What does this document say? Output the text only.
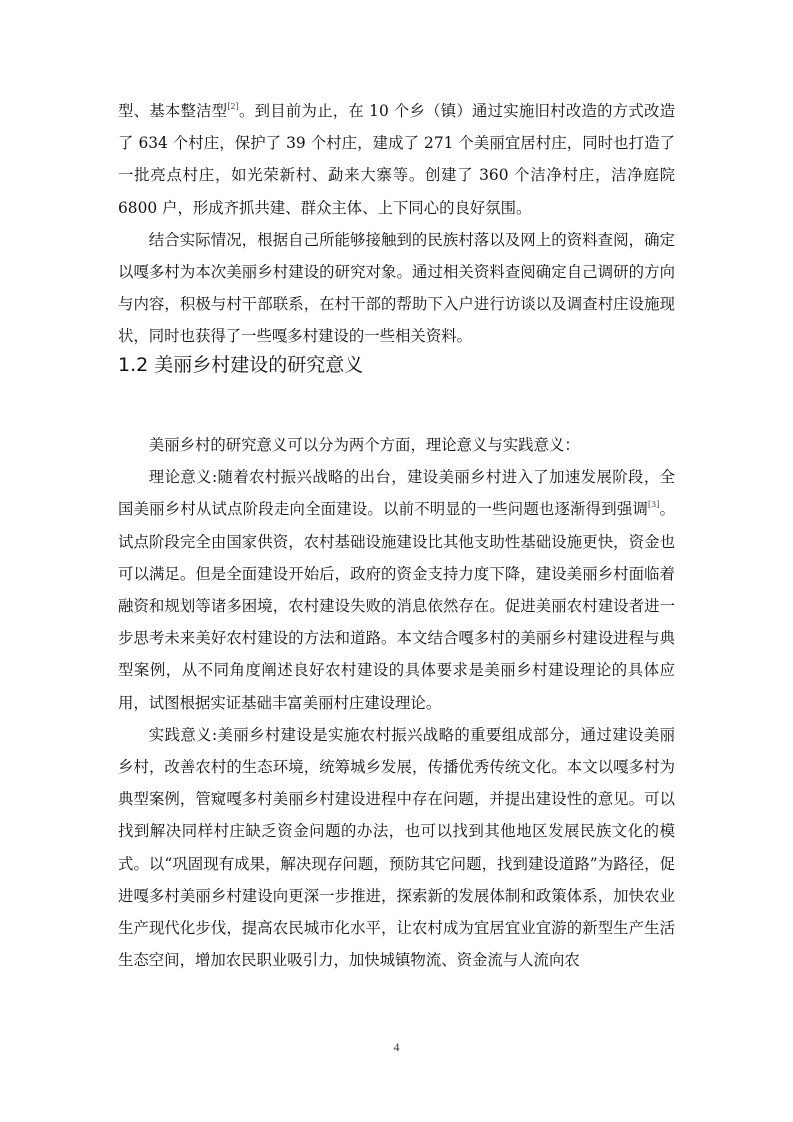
型、基本整洁型[2]。到目前为止，在 10 个乡（镇）通过实施旧村改造的方式改造了 634 个村庄，保护了 39 个村庄，建成了 271 个美丽宜居村庄，同时也打造了一批亮点村庄，如光荣新村、勐来大寨等。创建了 360 个洁净村庄，洁净庭院 6800 户，形成齐抓共建、群众主体、上下同心的良好氛围。

结合实际情况，根据自己所能够接触到的民族村落以及网上的资料查阅，确定以嘎多村为本次美丽乡村建设的研究对象。通过相关资料查阅确定自己调研的方向与内容，积极与村干部联系，在村干部的帮助下入户进行访谈以及调查村庄设施现状，同时也获得了一些嘎多村建设的一些相关资料。

1.2 美丽乡村建设的研究意义

美丽乡村的研究意义可以分为两个方面，理论意义与实践意义：

理论意义:随着农村振兴战略的出台，建设美丽乡村进入了加速发展阶段，全国美丽乡村从试点阶段走向全面建设。以前不明显的一些问题也逐渐得到强调[3]。试点阶段完全由国家供资，农村基础设施建设比其他支助性基础设施更快，资金也可以满足。但是全面建设开始后，政府的资金支持力度下降，建设美丽乡村面临着融资和规划等诸多困境，农村建设失败的消息依然存在。促进美丽农村建设者进一步思考未来美好农村建设的方法和道路。本文结合嘎多村的美丽乡村建设进程与典型案例，从不同角度阐述良好农村建设的具体要求是美丽乡村建设理论的具体应用，试图根据实证基础丰富美丽村庄建设理论。

实践意义:美丽乡村建设是实施农村振兴战略的重要组成部分，通过建设美丽乡村，改善农村的生态环境，统筹城乡发展，传播优秀传统文化。本文以嘎多村为典型案例，管窥嘎多村美丽乡村建设进程中存在问题，并提出建设性的意见。可以找到解决同样村庄缺乏资金问题的办法，也可以找到其他地区发展民族文化的模式。以“巩固现有成果，解决现存问题，预防其它问题，找到建设道路”为路径，促进嘎多村美丽乡村建设向更深一步推进，探索新的发展体制和政策体系，加快农业生产现代化步伐，提高农民城市化水平，让农村成为宜居宜业宜游的新型生产生活生态空间，增加农民职业吸引力，加快城镇物流、资金流与人流向农

4
